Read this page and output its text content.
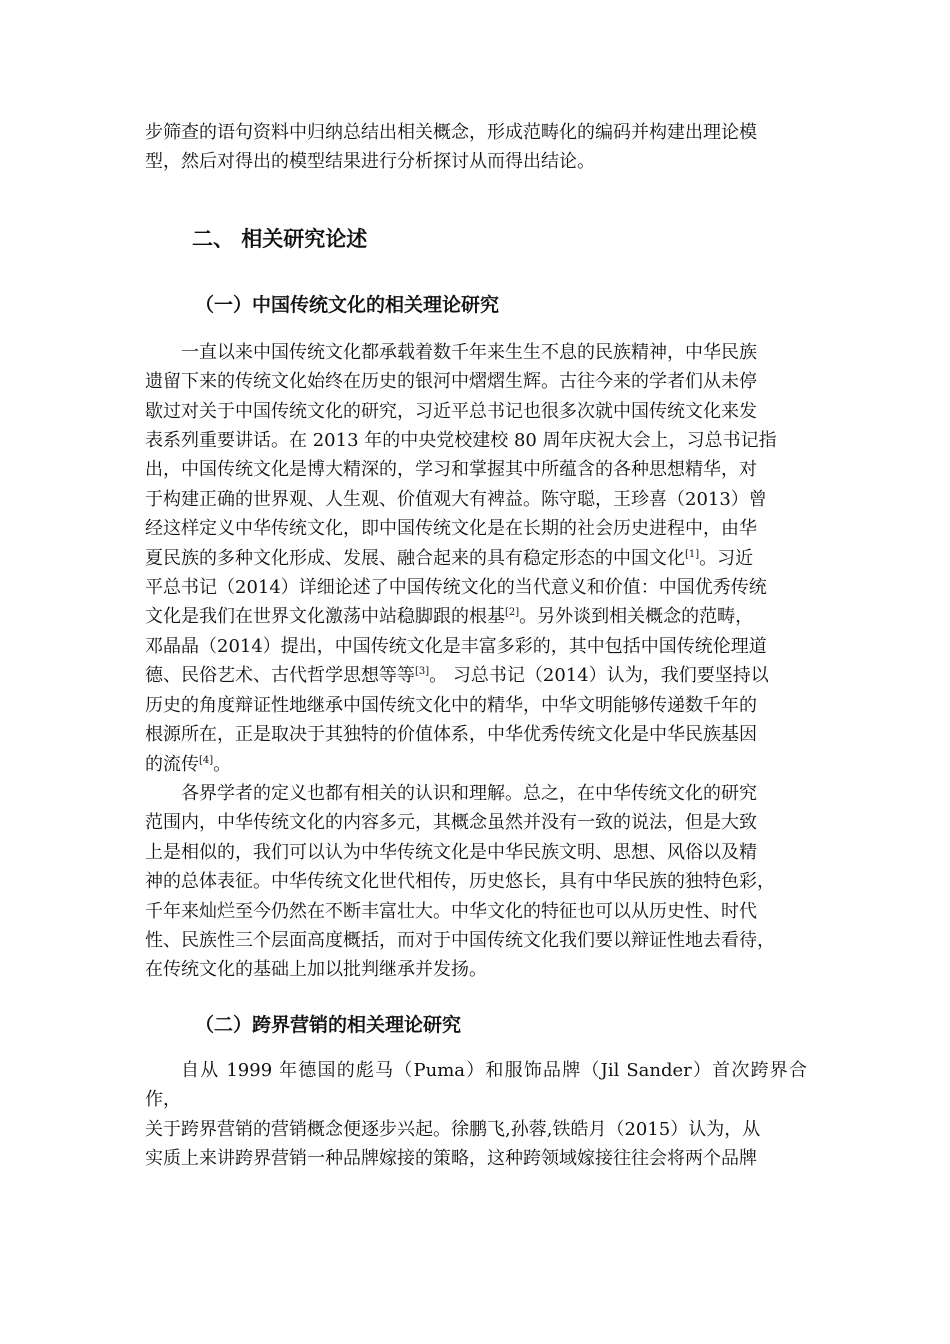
步筛查的语句资料中归纳总结出相关概念，形成范畴化的编码并构建出理论模
型，然后对得出的模型结果进行分析探讨从而得出结论。

二、 相关研究论述
（一）中国传统文化的相关理论研究

一直以来中国传统文化都承载着数千年来生生不息的民族精神，中华民族
遗留下来的传统文化始终在历史的银河中熠熠生辉。古往今来的学者们从未停
歇过对关于中国传统文化的研究，习近平总书记也很多次就中国传统文化来发
表系列重要讲话。在 2013 年的中央党校建校 80 周年庆祝大会上，习总书记指
出，中国传统文化是博大精深的，学习和掌握其中所蕴含的各种思想精华，对
于构建正确的世界观、人生观、价值观大有裨益。陈守聪，王珍喜（2013）曾
经这样定义中华传统文化，即中国传统文化是在长期的社会历史进程中，由华
夏民族的多种文化形成、发展、融合起来的具有稳定形态的中国文化[1]。习近
平总书记（2014）详细论述了中国传统文化的当代意义和价值：中国优秀传统
文化是我们在世界文化激荡中站稳脚跟的根基[2]。另外谈到相关概念的范畴，
邓晶晶（2014）提出，中国传统文化是丰富多彩的，其中包括中国传统伦理道
德、民俗艺术、古代哲学思想等等[3]。 习总书记（2014）认为，我们要坚持以
历史的角度辩证性地继承中国传统文化中的精华，中华文明能够传递数千年的
根源所在，正是取决于其独特的价值体系，中华优秀传统文化是中华民族基因
的流传[4]。

各界学者的定义也都有相关的认识和理解。总之，在中华传统文化的研究
范围内，中华传统文化的内容多元，其概念虽然并没有一致的说法，但是大致
上是相似的，我们可以认为中华传统文化是中华民族文明、思想、风俗以及精
神的总体表征。中华传统文化世代相传，历史悠长，具有中华民族的独特色彩，
千年来灿烂至今仍然在不断丰富壮大。中华文化的特征也可以从历史性、时代
性、民族性三个层面高度概括，而对于中国传统文化我们要以辩证性地去看待，
在传统文化的基础上加以批判继承并发扬。

（二）跨界营销的相关理论研究

自从 1999 年德国的彪马（Puma）和服饰品牌（Jil Sander）首次跨界合作，
关于跨界营销的营销概念便逐步兴起。徐鹏飞,孙蓉,铁皓月（2015）认为，从
实质上来讲跨界营销一种品牌嫁接的策略，这种跨领域嫁接往往会将两个品牌
